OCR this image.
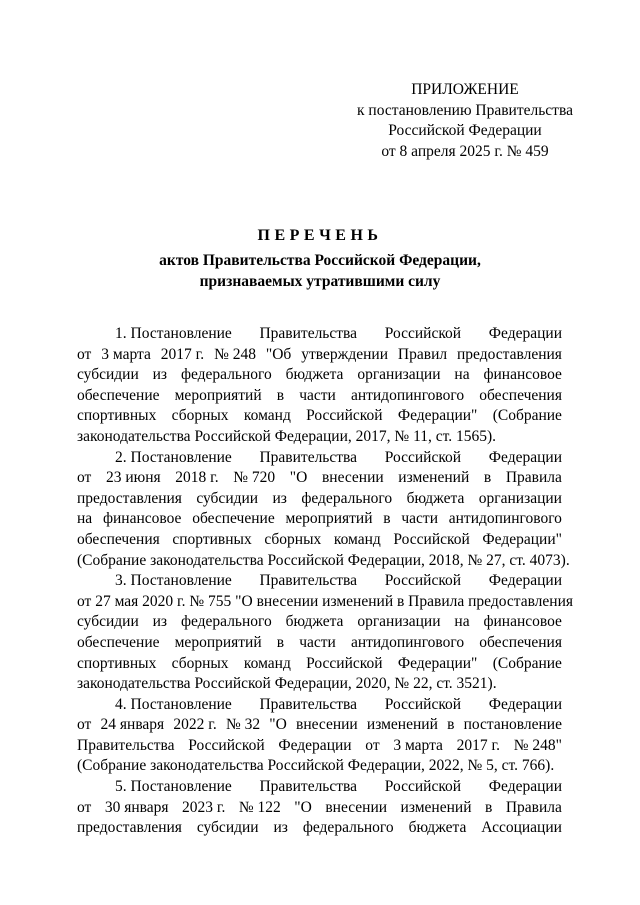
ПРИЛОЖЕНИЕ
к постановлению Правительства
Российской Федерации
от 8 апреля 2025 г. № 459
ПЕРЕЧЕНЬ
актов Правительства Российской Федерации,
признаваемых утратившими силу
1. Постановление Правительства Российской Федерации
от 3 марта 2017 г. № 248 "Об утверждении Правил предоставления
субсидии из федерального бюджета организации на финансовое
обеспечение мероприятий в части антидопингового обеспечения
спортивных сборных команд Российской Федерации" (Собрание
законодательства Российской Федерации, 2017, № 11, ст. 1565).
2. Постановление Правительства Российской Федерации
от 23 июня 2018 г. № 720 "О внесении изменений в Правила
предоставления субсидии из федерального бюджета организации
на финансовое обеспечение мероприятий в части антидопингового
обеспечения спортивных сборных команд Российской Федерации"
(Собрание законодательства Российской Федерации, 2018, № 27, ст. 4073).
3. Постановление Правительства Российской Федерации
от 27 мая 2020 г. № 755 "О внесении изменений в Правила предоставления
субсидии из федерального бюджета организации на финансовое
обеспечение мероприятий в части антидопингового обеспечения
спортивных сборных команд Российской Федерации" (Собрание
законодательства Российской Федерации, 2020, № 22, ст. 3521).
4. Постановление Правительства Российской Федерации
от 24 января 2022 г. № 32 "О внесении изменений в постановление
Правительства Российской Федерации от 3 марта 2017 г. № 248"
(Собрание законодательства Российской Федерации, 2022, № 5, ст. 766).
5. Постановление Правительства Российской Федерации
от 30 января 2023 г. № 122 "О внесении изменений в Правила
предоставления субсидии из федерального бюджета Ассоциации
